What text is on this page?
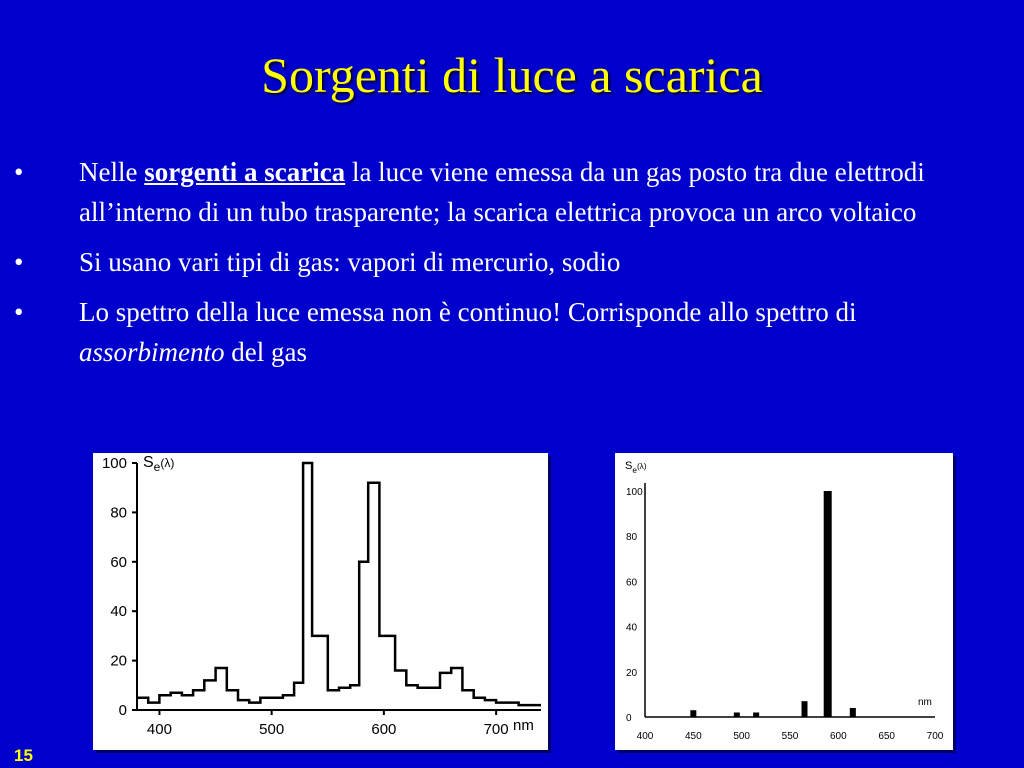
Sorgenti di luce a scarica
• Nelle sorgenti a scarica la luce viene emessa da un gas posto tra due elettrodi all’interno di un tubo trasparente; la scarica elettrica provoca un arco voltaico
• Si usano vari tipi di gas: vapori di mercurio, sodio
• Lo spettro della luce emessa non è continuo! Corrisponde allo spettro di assorbimento del gas
0
20
40
60
80
100
400	500	600	700 nm
$S_e^{(\lambda)}$
0
20
40
60
80
100
400	450	500	550	600	650	700
nm
$S_e^{(\lambda)}$
15
